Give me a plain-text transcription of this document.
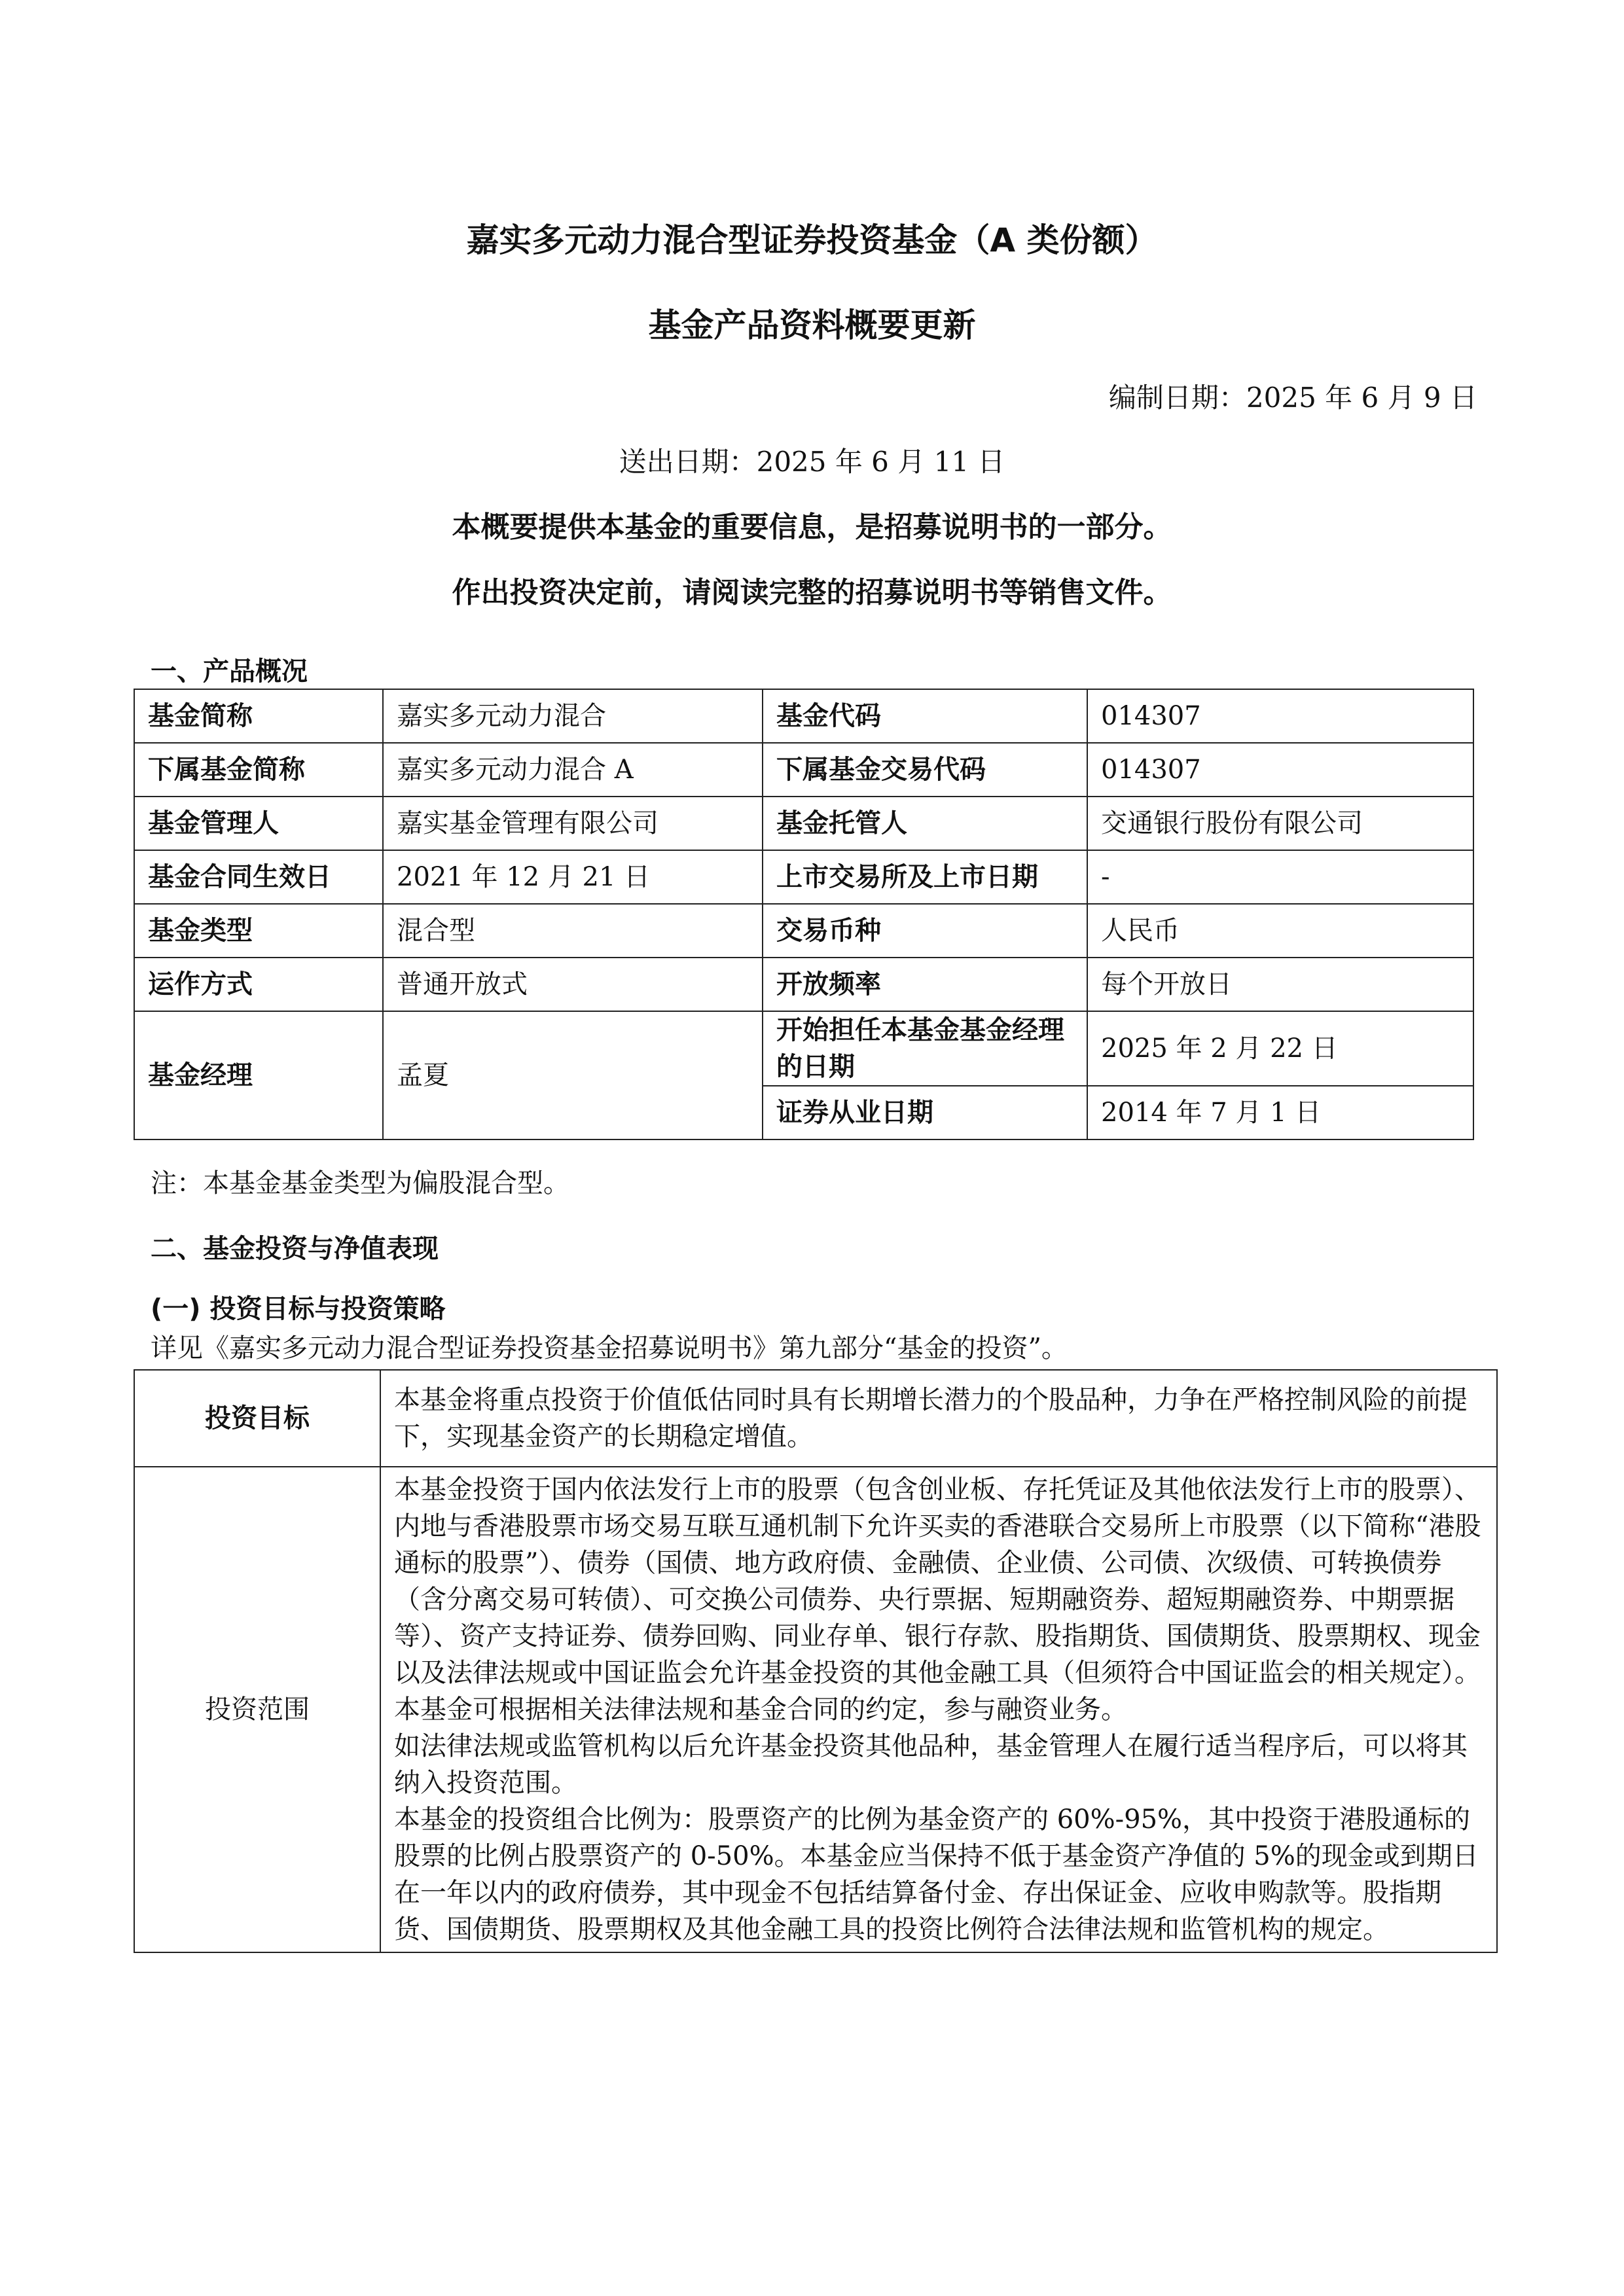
嘉实多元动力混合型证券投资基金（A 类份额）
基金产品资料概要更新
编制日期：2025 年 6 月 9 日
送出日期：2025 年 6 月 11 日
本概要提供本基金的重要信息，是招募说明书的一部分。
作出投资决定前，请阅读完整的招募说明书等销售文件。
一、产品概况
基金简称	嘉实多元动力混合	基金代码	014307
下属基金简称	嘉实多元动力混合 A	下属基金交易代码	014307
基金管理人	嘉实基金管理有限公司	基金托管人	交通银行股份有限公司
基金合同生效日	2021 年 12 月 21 日	上市交易所及上市日期	-
基金类型	混合型	交易币种	人民币
运作方式	普通开放式	开放频率	每个开放日
基金经理	孟夏	开始担任本基金基金经理的日期	2025 年 2 月 22 日
		证券从业日期	2014 年 7 月 1 日
注：本基金基金类型为偏股混合型。
二、基金投资与净值表现
(一) 投资目标与投资策略
详见《嘉实多元动力混合型证券投资基金招募说明书》第九部分“基金的投资”。
投资目标	本基金将重点投资于价值低估同时具有长期增长潜力的个股品种，力争在严格控制风险的前提下，实现基金资产的长期稳定增值。
投资范围	本基金投资于国内依法发行上市的股票（包含创业板、存托凭证及其他依法发行上市的股票）、内地与香港股票市场交易互联互通机制下允许买卖的香港联合交易所上市股票（以下简称“港股通标的股票”）、债券（国债、地方政府债、金融债、企业债、公司债、次级债、可转换债券（含分离交易可转债）、可交换公司债券、央行票据、短期融资券、超短期融资券、中期票据等）、资产支持证券、债券回购、同业存单、银行存款、股指期货、国债期货、股票期权、现金以及法律法规或中国证监会允许基金投资的其他金融工具（但须符合中国证监会的相关规定）。

本基金可根据相关法律法规和基金合同的约定，参与融资业务。

如法律法规或监管机构以后允许基金投资其他品种，基金管理人在履行适当程序后，可以将其纳入投资范围。

本基金的投资组合比例为：股票资产的比例为基金资产的 60%-95%，其中投资于港股通标的股票的比例占股票资产的 0-50%。本基金应当保持不低于基金资产净值的 5%的现金或到期日在一年以内的政府债券，其中现金不包括结算备付金、存出保证金、应收申购款等。股指期货、国债期货、股票期权及其他金融工具的投资比例符合法律法规和监管机构的规定。
